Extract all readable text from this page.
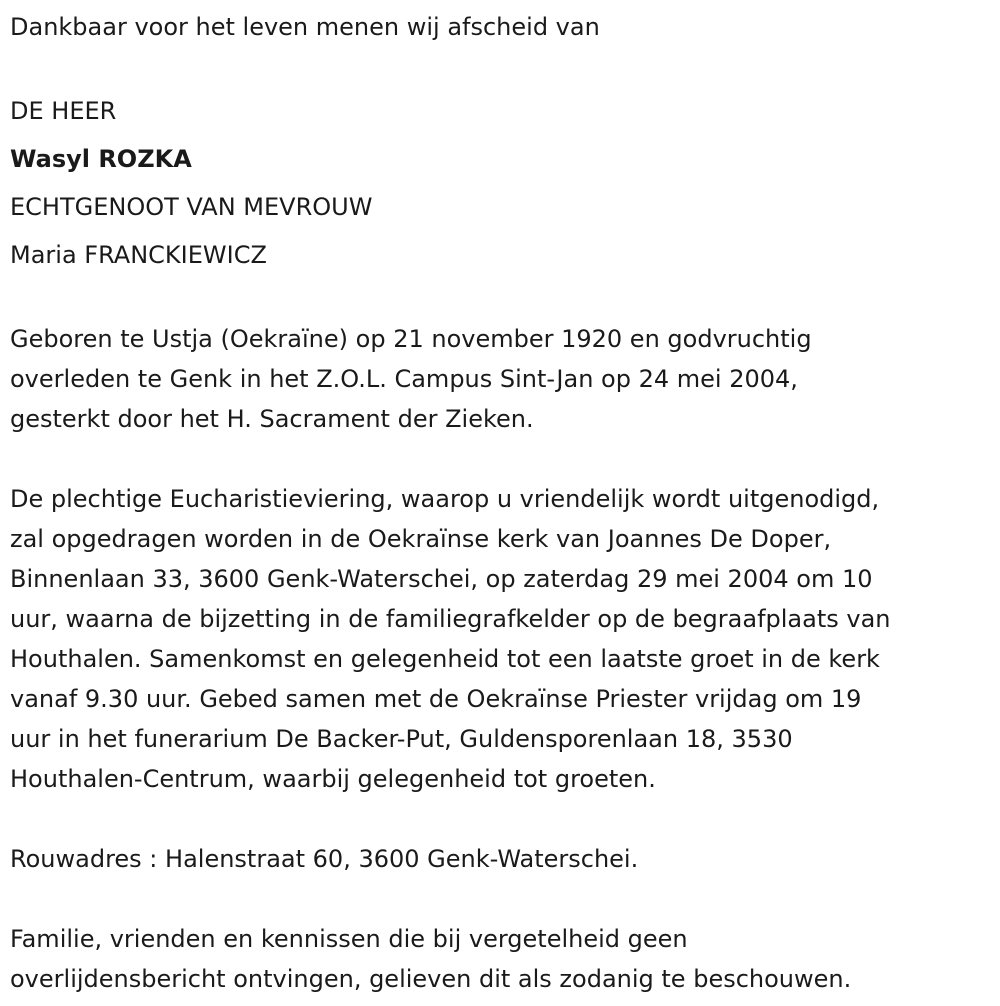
Dankbaar voor het leven menen wij afscheid van
DE HEER
Wasyl ROZKA
ECHTGENOOT VAN MEVROUW
Maria FRANCKIEWICZ
Geboren te Ustja (Oekraïne) op 21 november 1920 en godvruchtig
overleden te Genk in het Z.O.L. Campus Sint-Jan op 24 mei 2004,
gesterkt door het H. Sacrament der Zieken.
De plechtige Eucharistieviering, waarop u vriendelijk wordt uitgenodigd,
zal opgedragen worden in de Oekraïnse kerk van Joannes De Doper,
Binnenlaan 33, 3600 Genk-Waterschei, op zaterdag 29 mei 2004 om 10
uur, waarna de bijzetting in de familiegrafkelder op de begraafplaats van
Houthalen. Samenkomst en gelegenheid tot een laatste groet in de kerk
vanaf 9.30 uur. Gebed samen met de Oekraïnse Priester vrijdag om 19
uur in het funerarium De Backer-Put, Guldensporenlaan 18, 3530
Houthalen-Centrum, waarbij gelegenheid tot groeten.
Rouwadres : Halenstraat 60, 3600 Genk-Waterschei.
Familie, vrienden en kennissen die bij vergetelheid geen
overlijdensbericht ontvingen, gelieven dit als zodanig te beschouwen.
